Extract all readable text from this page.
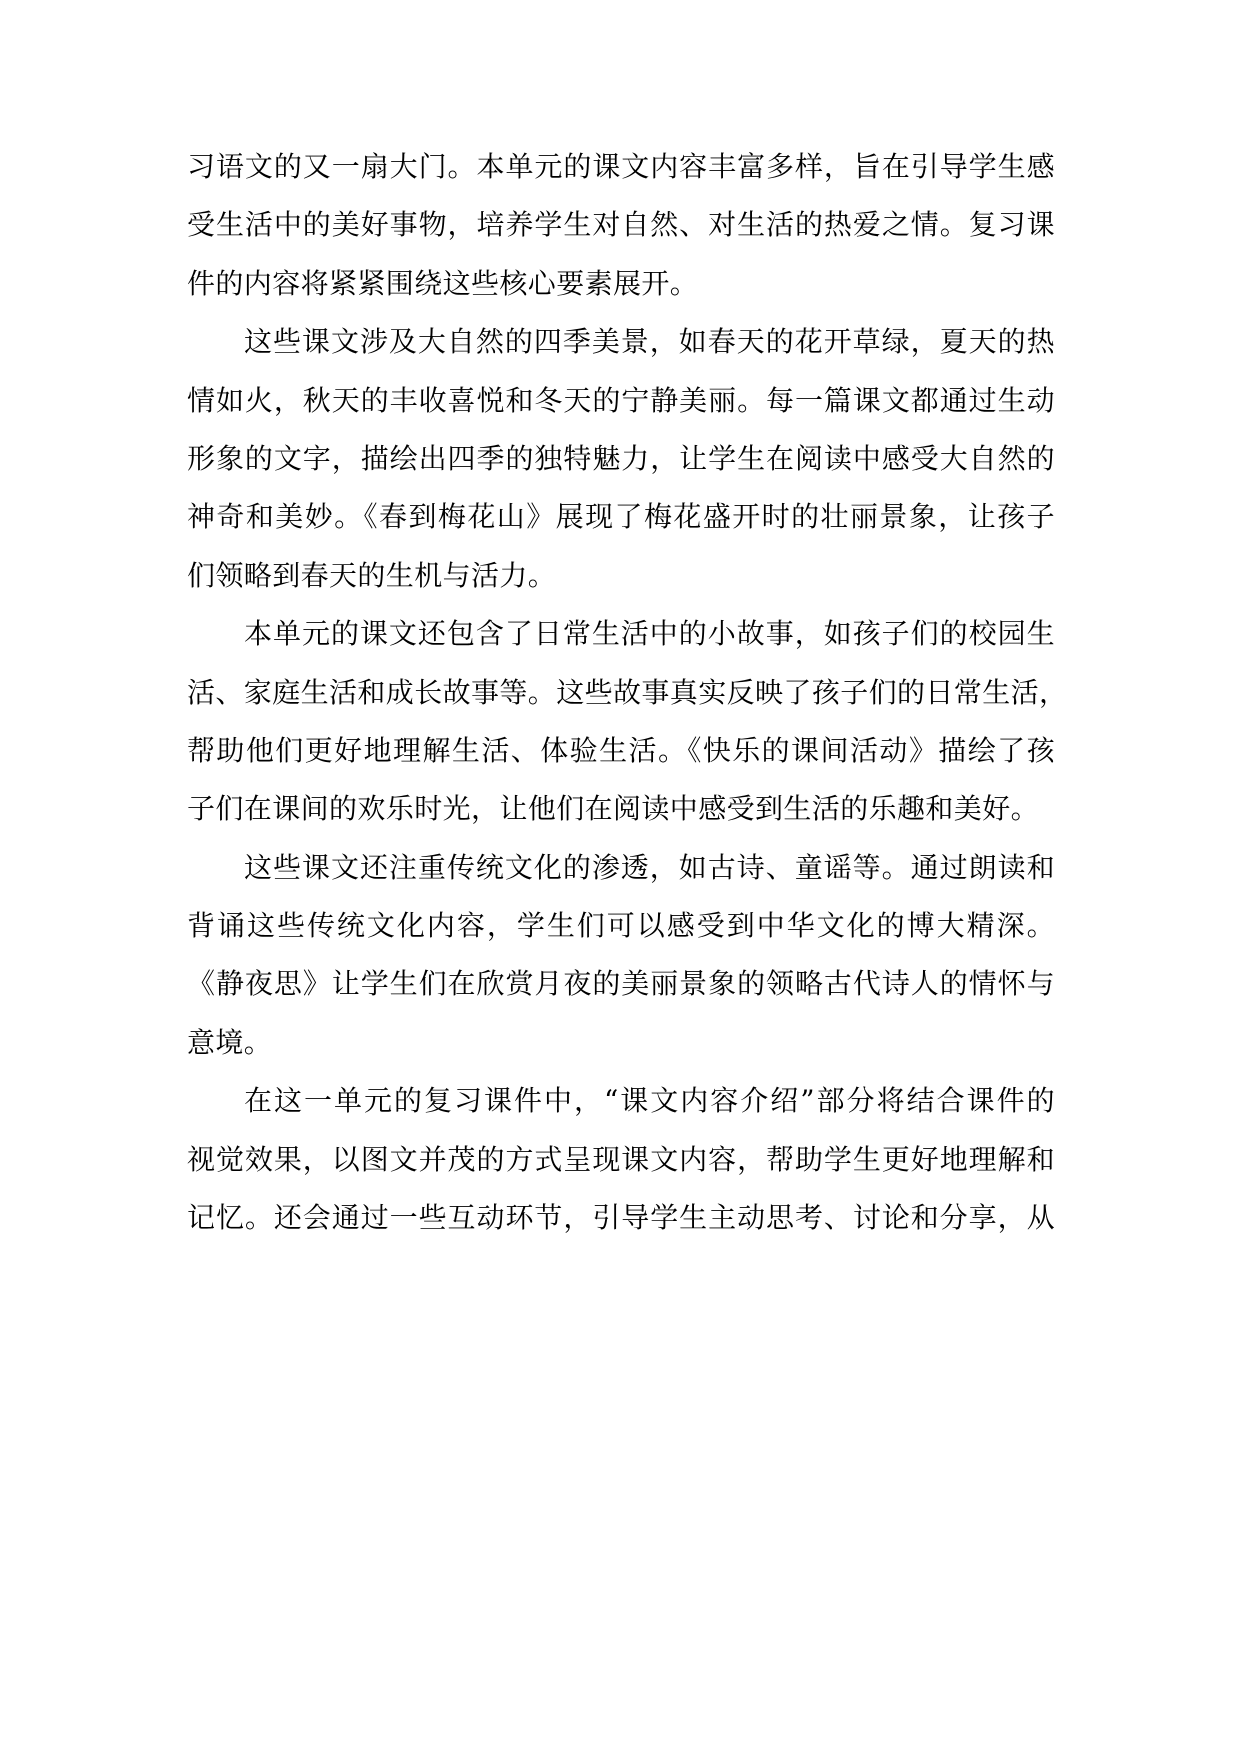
习语文的又一扇大门。本单元的课文内容丰富多样，旨在引导学生感
受生活中的美好事物，培养学生对自然、对生活的热爱之情。复习课
件的内容将紧紧围绕这些核心要素展开。
这些课文涉及大自然的四季美景，如春天的花开草绿，夏天的热
情如火，秋天的丰收喜悦和冬天的宁静美丽。每一篇课文都通过生动
形象的文字，描绘出四季的独特魅力，让学生在阅读中感受大自然的
神奇和美妙。《春到梅花山》展现了梅花盛开时的壮丽景象，让孩子
们领略到春天的生机与活力。
本单元的课文还包含了日常生活中的小故事，如孩子们的校园生
活、家庭生活和成长故事等。这些故事真实反映了孩子们的日常生活，
帮助他们更好地理解生活、体验生活。《快乐的课间活动》描绘了孩
子们在课间的欢乐时光，让他们在阅读中感受到生活的乐趣和美好。
这些课文还注重传统文化的渗透，如古诗、童谣等。通过朗读和
背诵这些传统文化内容，学生们可以感受到中华文化的博大精深。
《静夜思》让学生们在欣赏月夜的美丽景象的领略古代诗人的情怀与
意境。
在这一单元的复习课件中，“课文内容介绍”部分将结合课件的
视觉效果，以图文并茂的方式呈现课文内容，帮助学生更好地理解和
记忆。还会通过一些互动环节，引导学生主动思考、讨论和分享，从
